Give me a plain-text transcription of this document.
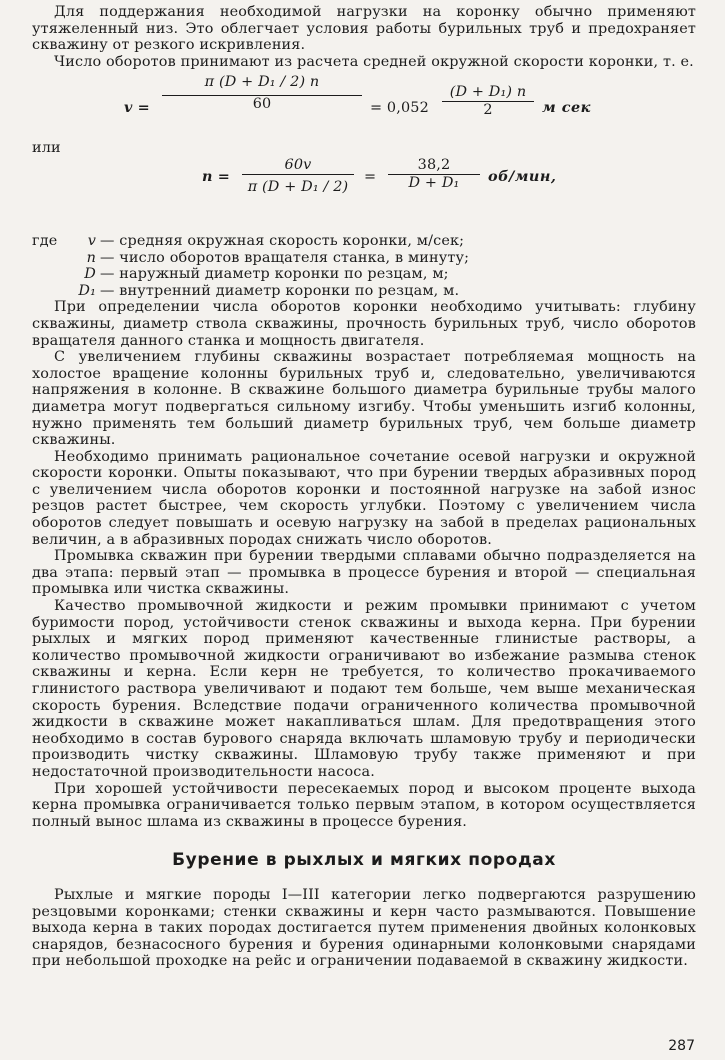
Для поддержания необходимой нагрузки на коронку обычно применяют утяжеленный низ. Это облегчает условия работы бурильных труб и предохраняет скважину от резкого искривления.

Число оборотов принимают из расчета средней окружной скорости коронки, т. е.

$v = \frac{\text{π (D + D₁ / 2) n}}{60} = 0,052 \frac{\text{(D + D₁) n}}{2}$ м сек

или

$n = \frac{60v}{\text{π (D + D₁ / 2)}} = \frac{38,2}{\text{D + D₁}} об/мин$,
где v — средняя окружная скорость коронки, м/сек;
n — число оборотов вращателя станка, в минуту;
D — наружный диаметр коронки по резцам, м;
D₁ — внутренний диаметр коронки по резцам, м.

При определении числа оборотов коронки необходимо учитывать: глубину скважины, диаметр ствола скважины, прочность бурильных труб, число оборотов вращателя данного станка и мощность двигателя.

С увеличением глубины скважины возрастает потребляемая мощность на холостое вращение колонны бурильных труб и, следовательно, увеличиваются напряжения в колонне. В скважине большого диаметра бурильные трубы малого диаметра могут подвергаться сильному изгибу. Чтобы уменьшить изгиб колонны, нужно применять тем больший диаметр бурильных труб, чем больше диаметр скважины.

Необходимо принимать рациональное сочетание осевой нагрузки и окружной скорости коронки. Опыты показывают, что при бурении твердых абразивных пород с увеличением числа оборотов коронки и постоянной нагрузке на забой износ резцов растет быстрее, чем скорость углубки. Поэтому с увеличением числа оборотов следует повышать и осевую нагрузку на забой в пределах рациональных величин, а в абразивных породах снижать число оборотов.

Промывка скважин при бурении твердыми сплавами обычно подразделяется на два этапа: первый этап — промывка в процессе бурения и второй — специальная промывка или чистка скважины.

Качество промывочной жидкости и режим промывки принимают с учетом буримости пород, устойчивости стенок скважины и выхода керна. При бурении рыхлых и мягких пород применяют качественные глинистые растворы, а количество промывочной жидкости ограничивают во избежание размыва стенок скважины и керна. Если керн не требуется, то количество прокачиваемого глинистого раствора увеличивают и подают тем больше, чем выше механическая скорость бурения. Вследствие подачи ограниченного количества промывочной жидкости в скважине может накапливаться шлам. Для предотвращения этого необходимо в состав бурового снаряда включать шламовую трубу и периодически производить чистку скважины. Шламовую трубу также применяют и при недостаточной производительности насоса.

При хорошей устойчивости пересекаемых пород и высоком проценте выхода керна промывка ограничивается только первым этапом, в котором осуществляется полный вынос шлама из скважины в процессе бурения.

Бурение в рыхлых и мягких породах

Рыхлые и мягкие породы I—III категории легко подвергаются разрушению резцовыми коронками; стенки скважины и керн часто размываются. Повышение выхода керна в таких породах достигается путем применения двойных колонковых снарядов, безнасосного бурения и бурения одинарными колонковыми снарядами при небольшой проходке на рейс и ограничении подаваемой в скважину жидкости.

287
